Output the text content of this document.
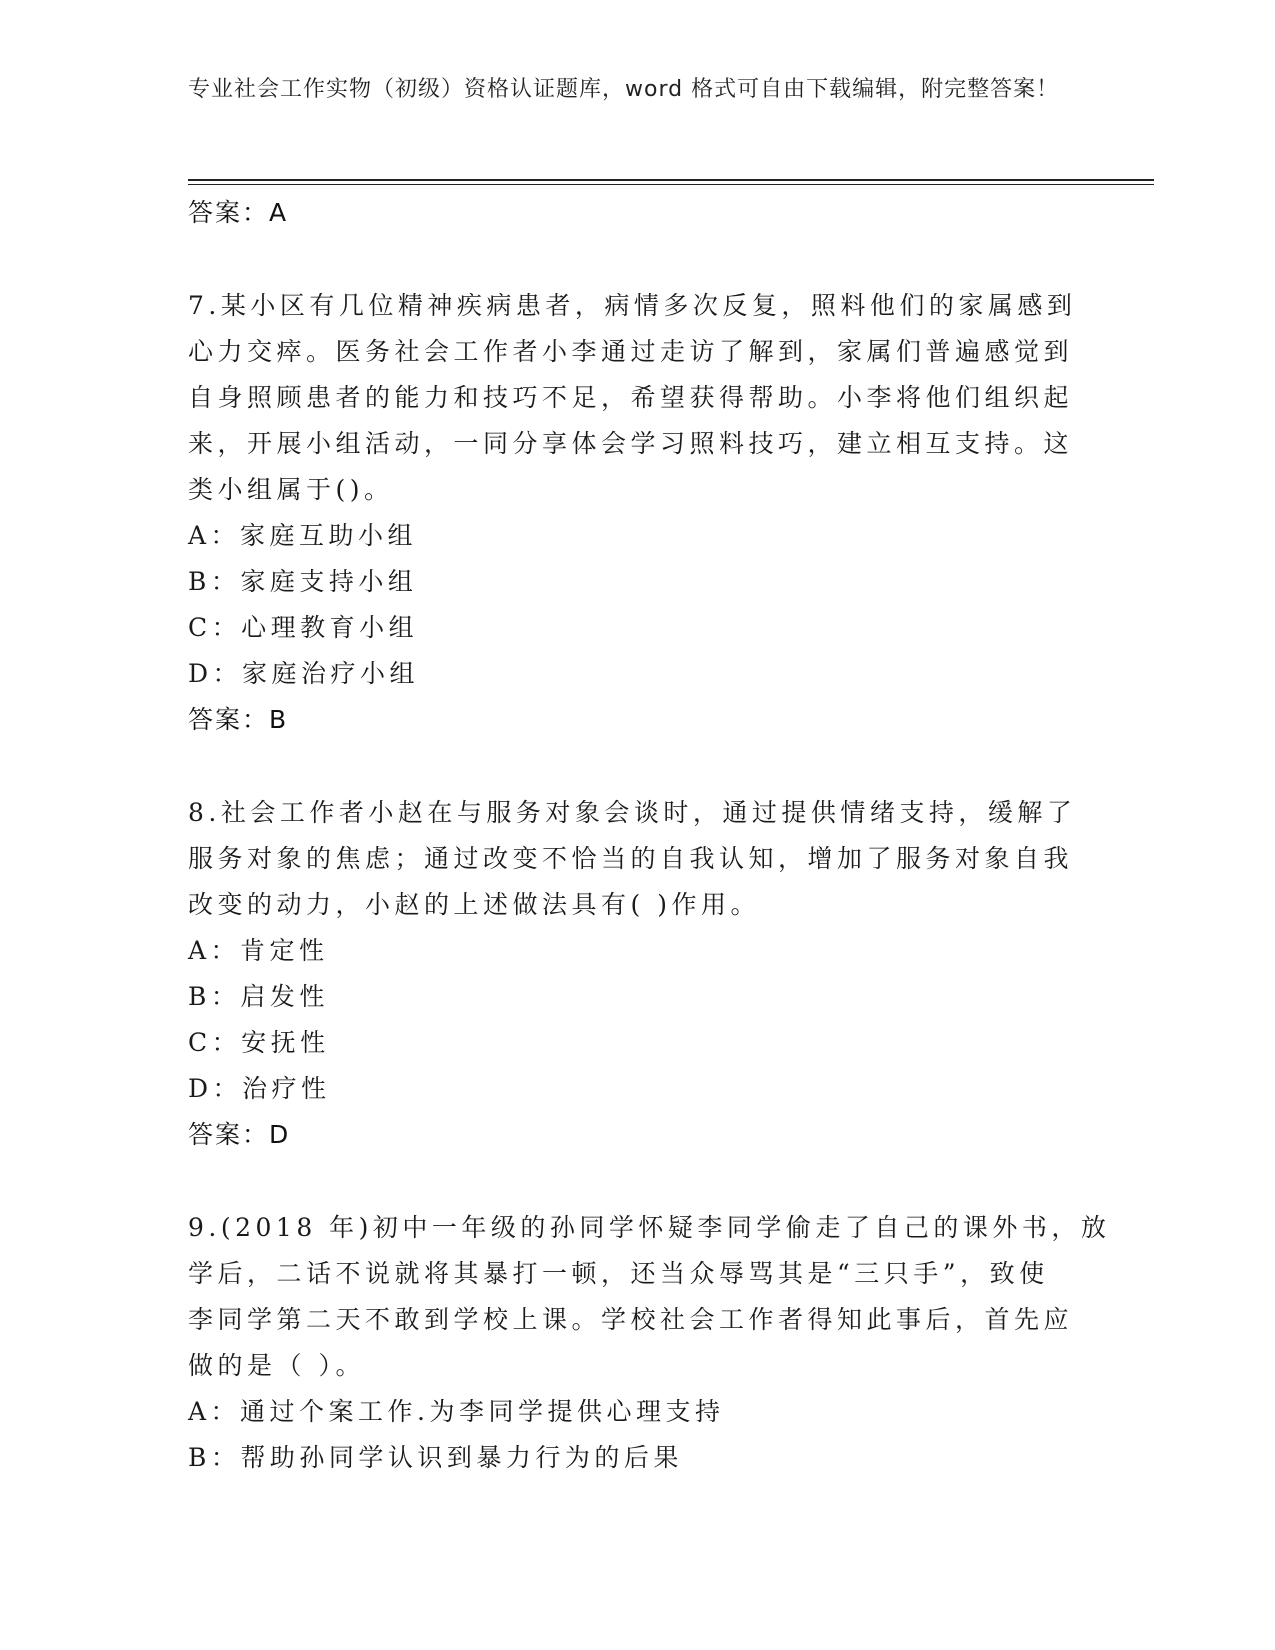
专业社会工作实物（初级）资格认证题库，word 格式可自由下载编辑，附完整答案！
答案：A
7.某小区有几位精神疾病患者，病情多次反复，照料他们的家属感到
心力交瘁。医务社会工作者小李通过走访了解到，家属们普遍感觉到
自身照顾患者的能力和技巧不足，希望获得帮助。小李将他们组织起
来，开展小组活动，一同分享体会学习照料技巧，建立相互支持。这
类小组属于()。
A：家庭互助小组
B：家庭支持小组
C：心理教育小组
D：家庭治疗小组
答案：B
8.社会工作者小赵在与服务对象会谈时，通过提供情绪支持，缓解了
服务对象的焦虑；通过改变不恰当的自我认知，增加了服务对象自我
改变的动力，小赵的上述做法具有( )作用。
A：肯定性
B：启发性
C：安抚性
D：治疗性
答案：D
9.(2018 年)初中一年级的孙同学怀疑李同学偷走了自己的课外书，放
学后，二话不说就将其暴打一顿，还当众辱骂其是“三只手”，致使
李同学第二天不敢到学校上课。学校社会工作者得知此事后，首先应
做的是（ ）。
A：通过个案工作.为李同学提供心理支持
B：帮助孙同学认识到暴力行为的后果
